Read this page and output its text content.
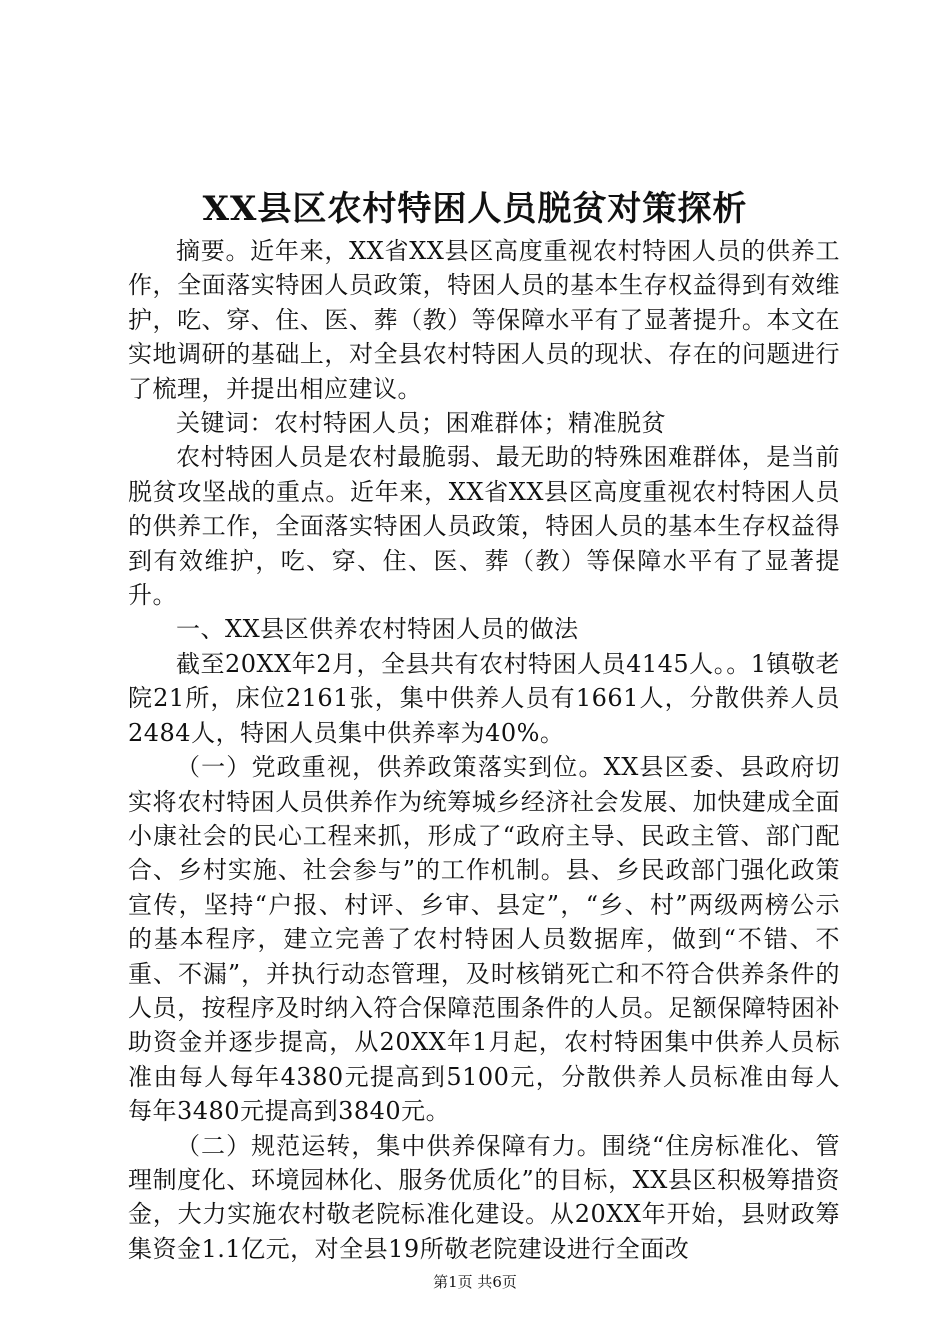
XX县区农村特困人员脱贫对策探析

摘要。近年来，XX省XX县区高度重视农村特困人员的供养工作，全面落实特困人员政策，特困人员的基本生存权益得到有效维护，吃、穿、住、医、葬（教）等保障水平有了显著提升。本文在实地调研的基础上，对全县农村特困人员的现状、存在的问题进行了梳理，并提出相应建议。

关键词：农村特困人员；困难群体；精准脱贫

农村特困人员是农村最脆弱、最无助的特殊困难群体，是当前脱贫攻坚战的重点。近年来，XX省XX县区高度重视农村特困人员的供养工作，全面落实特困人员政策，特困人员的基本生存权益得到有效维护，吃、穿、住、医、葬（教）等保障水平有了显著提升。

一、XX县区供养农村特困人员的做法

截至20XX年2月，全县共有农村特困人员4145人。。1镇敬老院21所，床位2161张，集中供养人员有1661人，分散供养人员2484人，特困人员集中供养率为40%。

（一）党政重视，供养政策落实到位。XX县区委、县政府切实将农村特困人员供养作为统筹城乡经济社会发展、加快建成全面小康社会的民心工程来抓，形成了“政府主导、民政主管、部门配合、乡村实施、社会参与”的工作机制。县、乡民政部门强化政策宣传，坚持“户报、村评、乡审、县定”，“乡、村”两级两榜公示的基本程序，建立完善了农村特困人员数据库，做到“不错、不重、不漏”，并执行动态管理，及时核销死亡和不符合供养条件的人员，按程序及时纳入符合保障范围条件的人员。足额保障特困补助资金并逐步提高，从20XX年1月起，农村特困集中供养人员标准由每人每年4380元提高到5100元，分散供养人员标准由每人每年3480元提高到3840元。

（二）规范运转，集中供养保障有力。围绕“住房标准化、管理制度化、环境园林化、服务优质化”的目标，XX县区积极筹措资金，大力实施农村敬老院标准化建设。从20XX年开始，县财政筹集资金1.1亿元，对全县19所敬老院建设进行全面改

第1页 共6页
